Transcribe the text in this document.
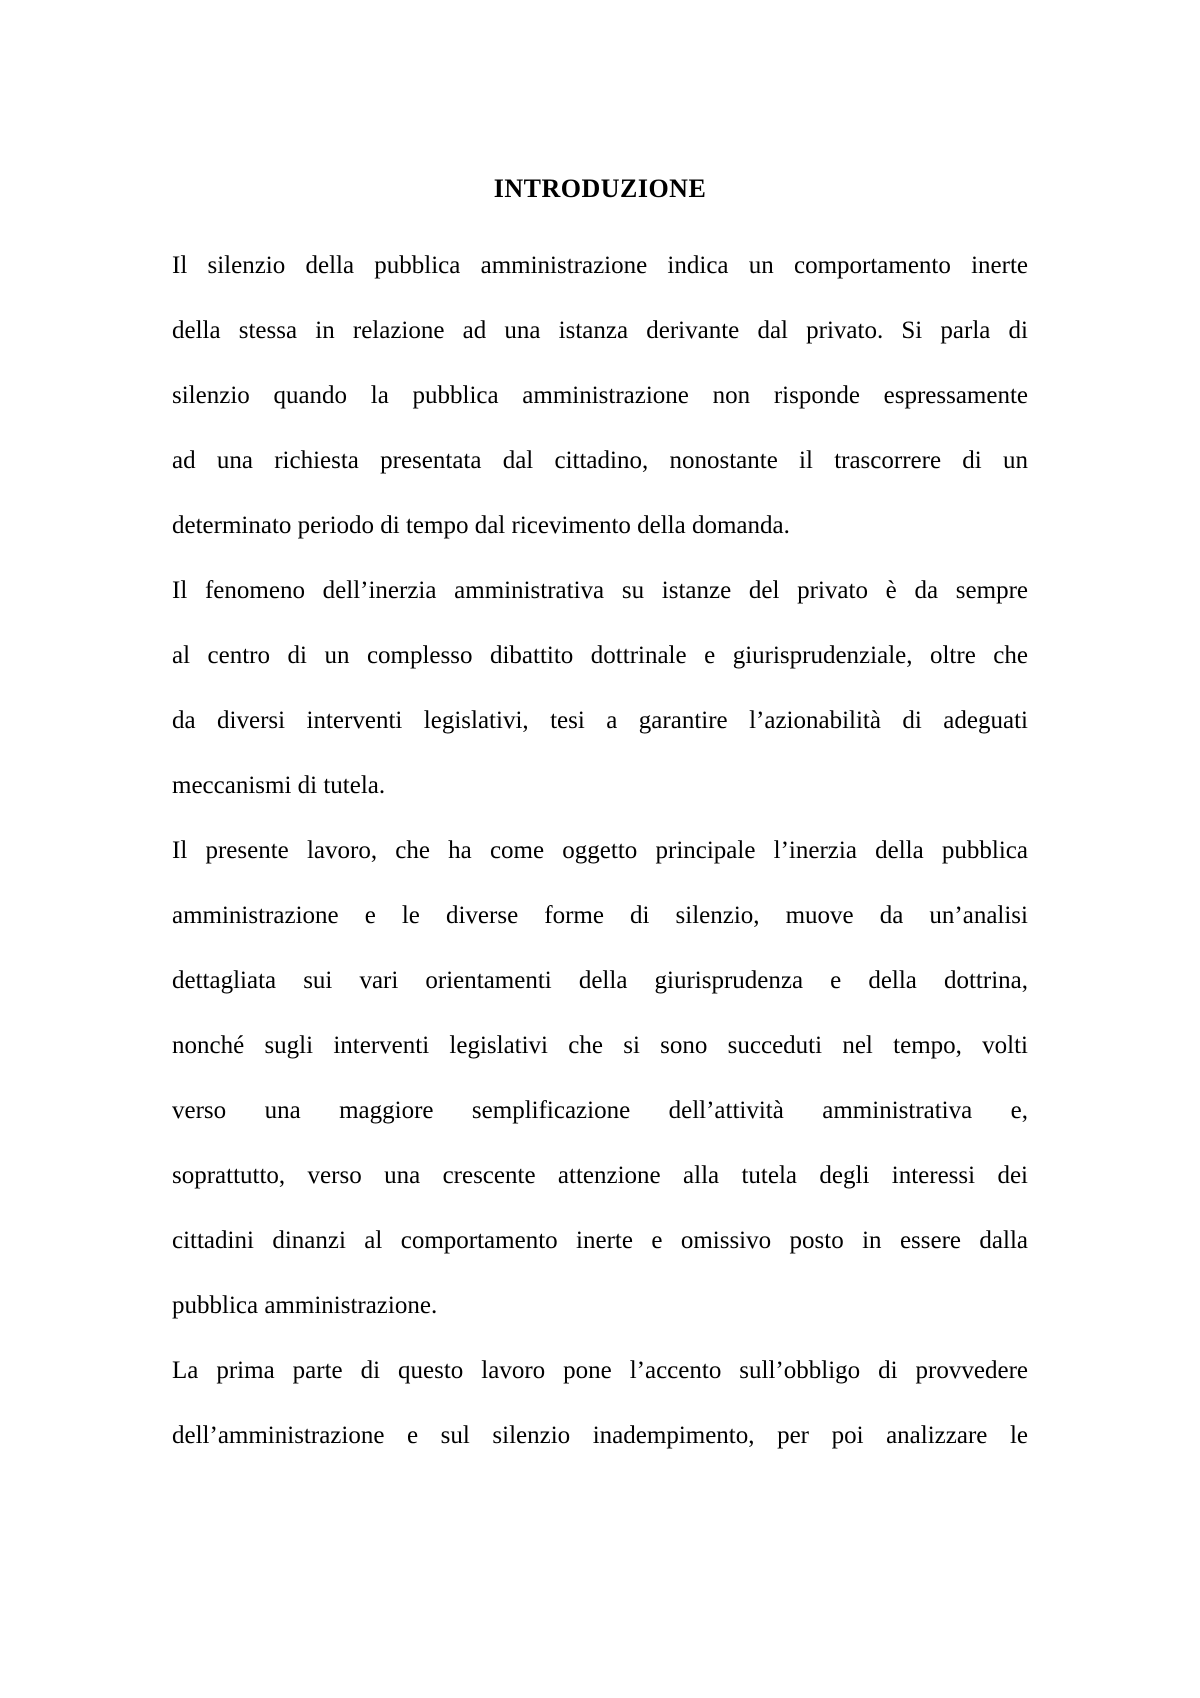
INTRODUZIONE
Il silenzio della pubblica amministrazione indica un comportamento inerte
della stessa in relazione ad una istanza derivante dal privato. Si parla di
silenzio quando la pubblica amministrazione non risponde espressamente
ad una richiesta presentata dal cittadino, nonostante il trascorrere di un
determinato periodo di tempo dal ricevimento della domanda.
Il fenomeno dell’inerzia amministrativa su istanze del privato è da sempre
al centro di un complesso dibattito dottrinale e giurisprudenziale, oltre che
da diversi interventi legislativi, tesi a garantire l’azionabilità di adeguati
meccanismi di tutela.
Il presente lavoro, che ha come oggetto principale l’inerzia della pubblica
amministrazione e le diverse forme di silenzio, muove da un’analisi
dettagliata sui vari orientamenti della giurisprudenza e della dottrina,
nonché sugli interventi legislativi che si sono succeduti nel tempo, volti
verso una maggiore semplificazione dell’attività amministrativa e,
soprattutto, verso una crescente attenzione alla tutela degli interessi dei
cittadini dinanzi al comportamento inerte e omissivo posto in essere dalla
pubblica amministrazione.
La prima parte di questo lavoro pone l’accento sull’obbligo di provvedere
dell’amministrazione e sul silenzio inadempimento, per poi analizzare le
